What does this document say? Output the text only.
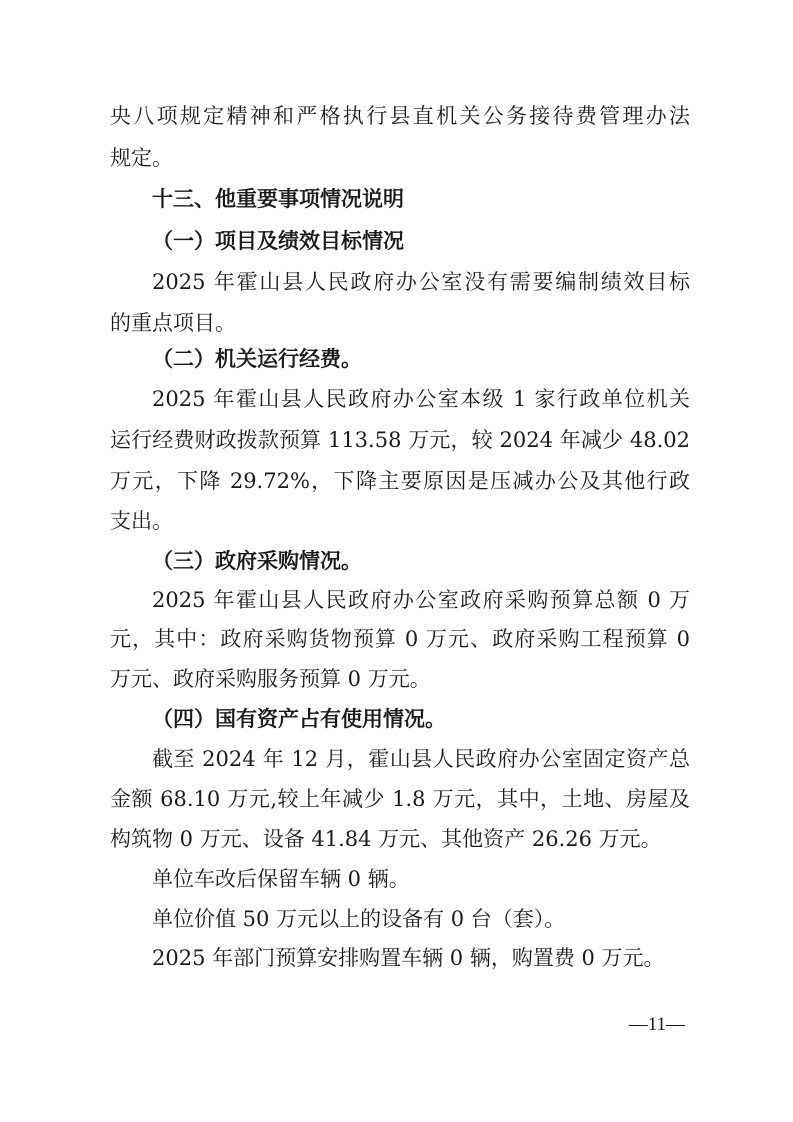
央八项规定精神和严格执行县直机关公务接待费管理办法
规定。
十三、他重要事项情况说明
（一）项目及绩效目标情况
2025 年霍山县人民政府办公室没有需要编制绩效目标
的重点项目。
（二）机关运行经费。
2025 年霍山县人民政府办公室本级 1 家行政单位机关
运行经费财政拨款预算 113.58 万元，较 2024 年减少 48.02
万元，下降 29.72%，下降主要原因是压减办公及其他行政
支出。
（三）政府采购情况。
2025 年霍山县人民政府办公室政府采购预算总额 0 万
元，其中：政府采购货物预算 0 万元、政府采购工程预算 0
万元、政府采购服务预算 0 万元。
（四）国有资产占有使用情况。
截至 2024 年 12 月，霍山县人民政府办公室固定资产总
金额 68.10 万元,较上年减少 1.8 万元，其中，土地、房屋及
构筑物 0 万元、设备 41.84 万元、其他资产 26.26 万元。
单位车改后保留车辆 0 辆。
单位价值 50 万元以上的设备有 0 台（套）。
2025 年部门预算安排购置车辆 0 辆，购置费 0 万元。
—11—
